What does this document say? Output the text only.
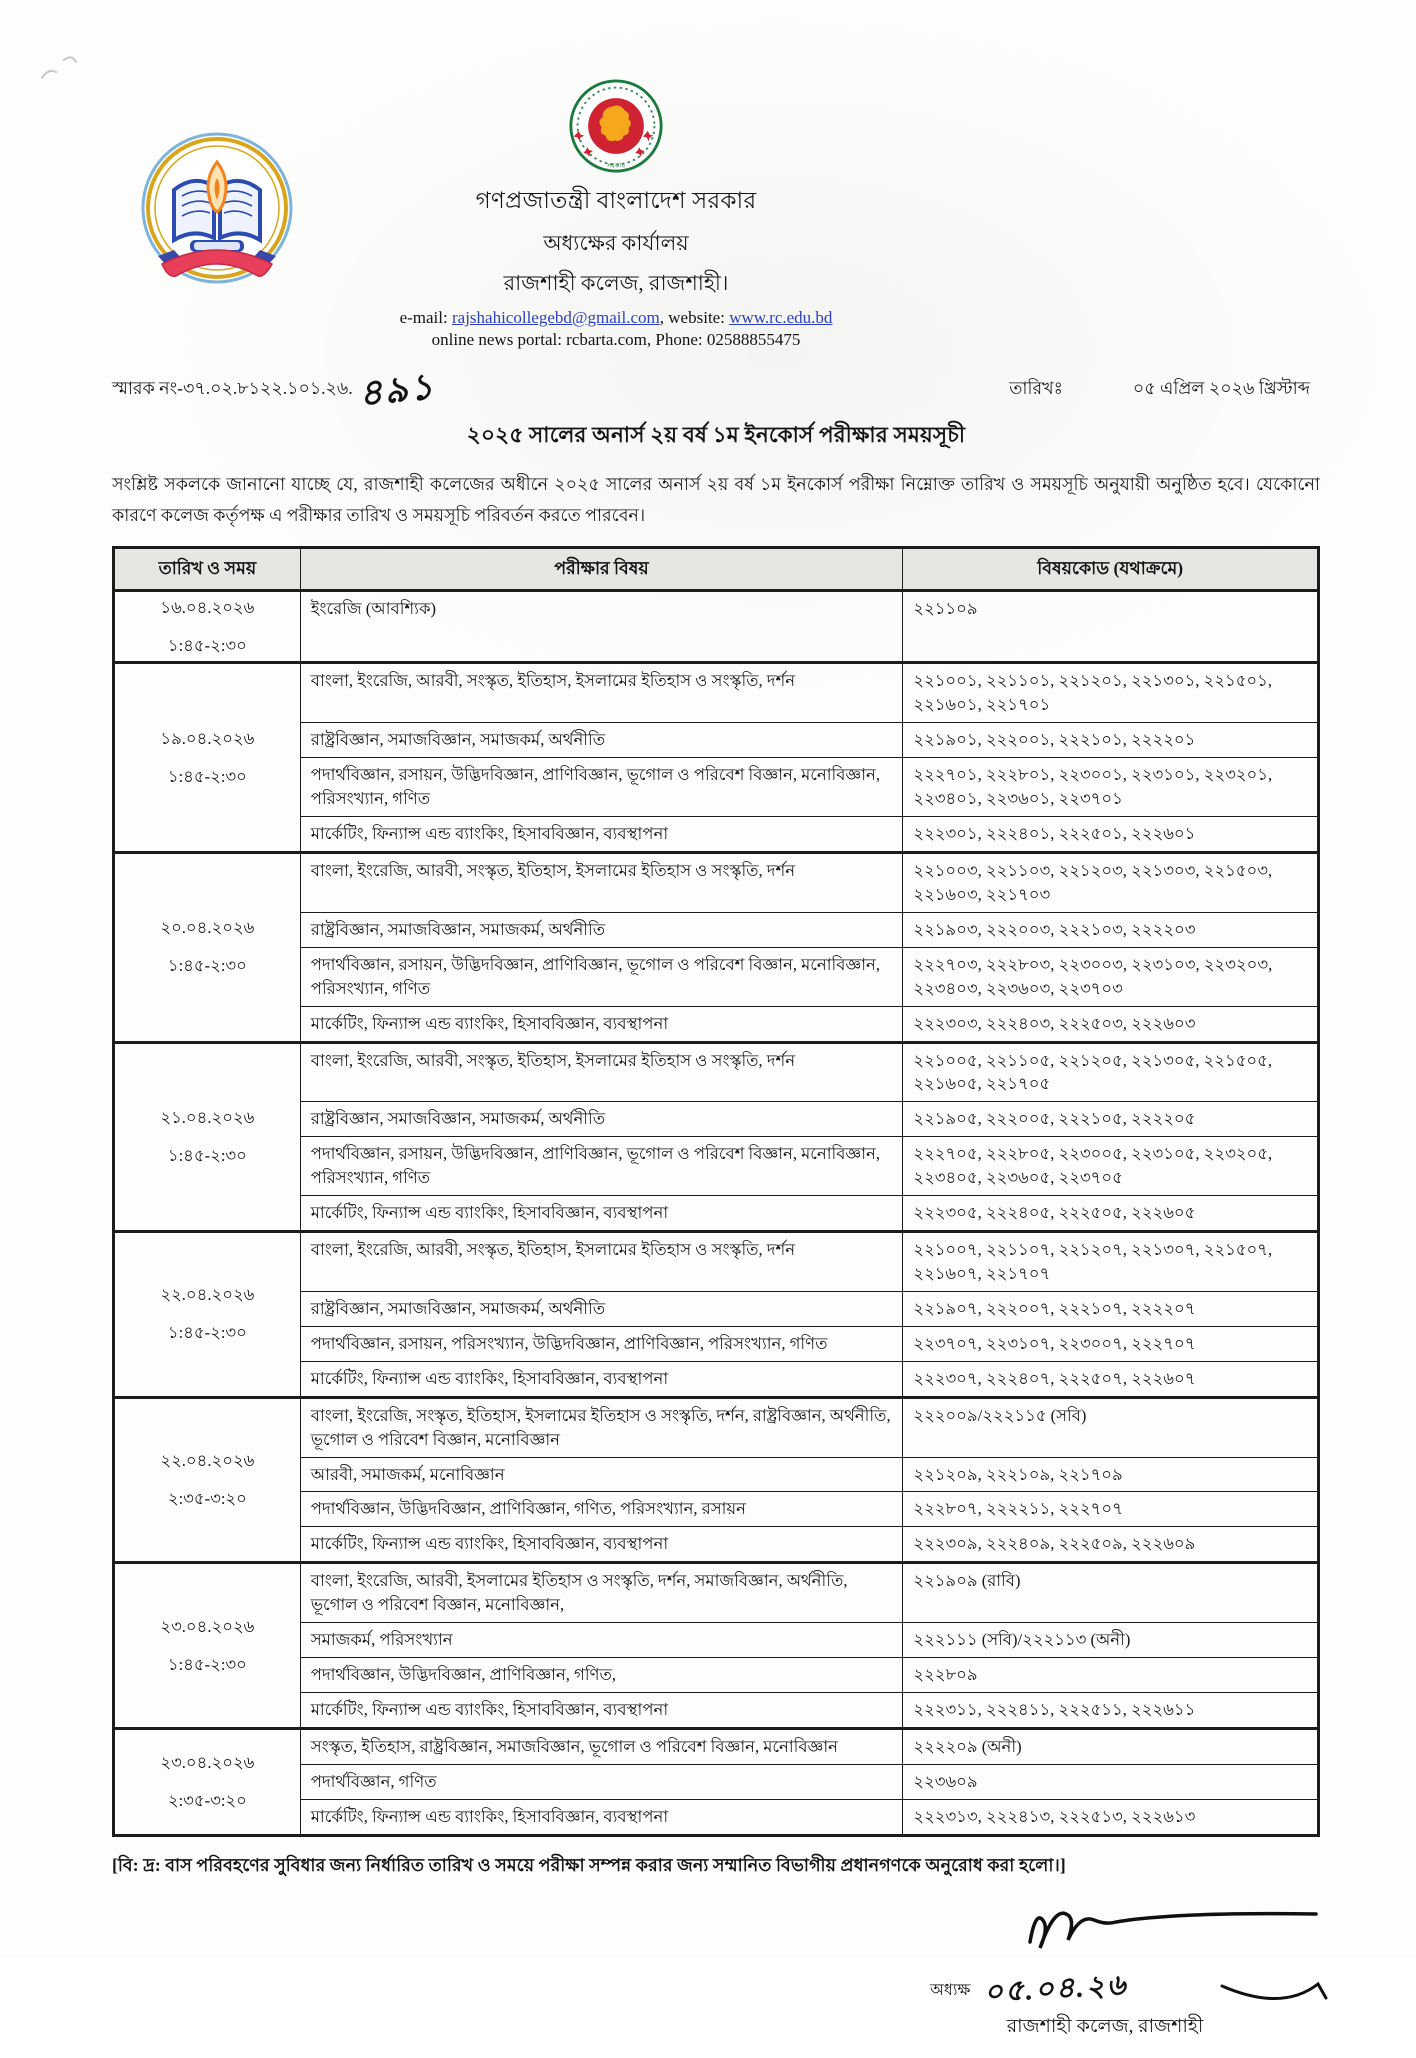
সরকার
গণপ্রজাতন্ত্রী বাংলাদেশ সরকার
অধ্যক্ষের কার্যালয়
রাজশাহী কলেজ, রাজশাহী।
e-mail: rajshahicollegebd@gmail.com, website: www.rc.edu.bd
online news portal: rcbarta.com, Phone: 02588855475
স্মারক নং-৩৭.০২.৮১২২.১০১.২৬. ৪৯১	তারিখঃ	০৫ এপ্রিল ২০২৬ খ্রিস্টাব্দ
২০২৫ সালের অনার্স ২য় বর্ষ ১ম ইনকোর্স পরীক্ষার সময়সূচী

সংশ্লিষ্ট সকলকে জানানো যাচ্ছে যে, রাজশাহী কলেজের অধীনে ২০২৫ সালের অনার্স ২য় বর্ষ ১ম ইনকোর্স পরীক্ষা নিম্নোক্ত তারিখ ও সময়সূচি অনুযায়ী অনুষ্ঠিত হবে। যেকোনো কারণে কলেজ কর্তৃপক্ষ এ পরীক্ষার তারিখ ও সময়সূচি পরিবর্তন করতে পারবেন।

তারিখ ও সময়	পরীক্ষার বিষয়	বিষয়কোড (যথাক্রমে)

১৬.০৪.২০২৬
১:৪৫-২:৩০	ইংরেজি (আবশ্যিক)	২২১১০৯

১৯.০৪.২০২৬
১:৪৫-২:৩০	বাংলা, ইংরেজি, আরবী, সংস্কৃত, ইতিহাস, ইসলামের ইতিহাস ও সংস্কৃতি, দর্শন	২২১০০১, ২২১১০১, ২২১২০১, ২২১৩০১, ২২১৫০১, ২২১৬০১, ২২১৭০১
	রাষ্ট্রবিজ্ঞান, সমাজবিজ্ঞান, সমাজকর্ম, অর্থনীতি	২২১৯০১, ২২২০০১, ২২২১০১, ২২২২০১
	পদার্থবিজ্ঞান, রসায়ন, উদ্ভিদবিজ্ঞান, প্রাণিবিজ্ঞান, ভূগোল ও পরিবেশ বিজ্ঞান, মনোবিজ্ঞান, পরিসংখ্যান, গণিত	২২২৭০১, ২২২৮০১, ২২৩০০১, ২২৩১০১, ২২৩২০১, ২২৩৪০১, ২২৩৬০১, ২২৩৭০১
	মার্কেটিং, ফিন্যান্স এন্ড ব্যাংকিং, হিসাববিজ্ঞান, ব্যবস্থাপনা	২২২৩০১, ২২২৪০১, ২২২৫০১, ২২২৬০১

২০.০৪.২০২৬
১:৪৫-২:৩০	বাংলা, ইংরেজি, আরবী, সংস্কৃত, ইতিহাস, ইসলামের ইতিহাস ও সংস্কৃতি, দর্শন	২২১০০৩, ২২১১০৩, ২২১২০৩, ২২১৩০৩, ২২১৫০৩, ২২১৬০৩, ২২১৭০৩
	রাষ্ট্রবিজ্ঞান, সমাজবিজ্ঞান, সমাজকর্ম, অর্থনীতি	২২১৯০৩, ২২২০০৩, ২২২১০৩, ২২২২০৩
	পদার্থবিজ্ঞান, রসায়ন, উদ্ভিদবিজ্ঞান, প্রাণিবিজ্ঞান, ভূগোল ও পরিবেশ বিজ্ঞান, মনোবিজ্ঞান, পরিসংখ্যান, গণিত	২২২৭০৩, ২২২৮০৩, ২২৩০০৩, ২২৩১০৩, ২২৩২০৩, ২২৩৪০৩, ২২৩৬০৩, ২২৩৭০৩
	মার্কেটিং, ফিন্যান্স এন্ড ব্যাংকিং, হিসাববিজ্ঞান, ব্যবস্থাপনা	২২২৩০৩, ২২২৪০৩, ২২২৫০৩, ২২২৬০৩

২১.০৪.২০২৬
১:৪৫-২:৩০	বাংলা, ইংরেজি, আরবী, সংস্কৃত, ইতিহাস, ইসলামের ইতিহাস ও সংস্কৃতি, দর্শন	২২১০০৫, ২২১১০৫, ২২১২০৫, ২২১৩০৫, ২২১৫০৫, ২২১৬০৫, ২২১৭০৫
	রাষ্ট্রবিজ্ঞান, সমাজবিজ্ঞান, সমাজকর্ম, অর্থনীতি	২২১৯০৫, ২২২০০৫, ২২২১০৫, ২২২২০৫
	পদার্থবিজ্ঞান, রসায়ন, উদ্ভিদবিজ্ঞান, প্রাণিবিজ্ঞান, ভূগোল ও পরিবেশ বিজ্ঞান, মনোবিজ্ঞান, পরিসংখ্যান, গণিত	২২২৭০৫, ২২২৮০৫, ২২৩০০৫, ২২৩১০৫, ২২৩২০৫, ২২৩৪০৫, ২২৩৬০৫, ২২৩৭০৫
	মার্কেটিং, ফিন্যান্স এন্ড ব্যাংকিং, হিসাববিজ্ঞান, ব্যবস্থাপনা	২২২৩০৫, ২২২৪০৫, ২২২৫০৫, ২২২৬০৫

২২.০৪.২০২৬
১:৪৫-২:৩০	বাংলা, ইংরেজি, আরবী, সংস্কৃত, ইতিহাস, ইসলামের ইতিহাস ও সংস্কৃতি, দর্শন	২২১০০৭, ২২১১০৭, ২২১২০৭, ২২১৩০৭, ২২১৫০৭, ২২১৬০৭, ২২১৭০৭
	রাষ্ট্রবিজ্ঞান, সমাজবিজ্ঞান, সমাজকর্ম, অর্থনীতি	২২১৯০৭, ২২২০০৭, ২২২১০৭, ২২২২০৭
	পদার্থবিজ্ঞান, রসায়ন, পরিসংখ্যান, উদ্ভিদবিজ্ঞান, প্রাণিবিজ্ঞান, পরিসংখ্যান, গণিত	২২৩৭০৭, ২২৩১০৭, ২২৩০০৭, ২২২৭০৭
	মার্কেটিং, ফিন্যান্স এন্ড ব্যাংকিং, হিসাববিজ্ঞান, ব্যবস্থাপনা	২২২৩০৭, ২২২৪০৭, ২২২৫০৭, ২২২৬০৭

২২.০৪.২০২৬
২:৩৫-৩:২০	বাংলা, ইংরেজি, সংস্কৃত, ইতিহাস, ইসলামের ইতিহাস ও সংস্কৃতি, দর্শন, রাষ্ট্রবিজ্ঞান, অর্থনীতি, ভূগোল ও পরিবেশ বিজ্ঞান, মনোবিজ্ঞান	২২২০০৯/২২২১১৫ (সবি)
	আরবী, সমাজকর্ম, মনোবিজ্ঞান	২২১২০৯, ২২২১০৯, ২২১৭০৯
	পদার্থবিজ্ঞান, উদ্ভিদবিজ্ঞান, প্রাণিবিজ্ঞান, গণিত, পরিসংখ্যান, রসায়ন	২২২৮০৭, ২২২২১১, ২২২৭০৭
	মার্কেটিং, ফিন্যান্স এন্ড ব্যাংকিং, হিসাববিজ্ঞান, ব্যবস্থাপনা	২২২৩০৯, ২২২৪০৯, ২২২৫০৯, ২২২৬০৯

২৩.০৪.২০২৬
১:৪৫-২:৩০	বাংলা, ইংরেজি, আরবী, ইসলামের ইতিহাস ও সংস্কৃতি, দর্শন, সমাজবিজ্ঞান, অর্থনীতি, ভূগোল ও পরিবেশ বিজ্ঞান, মনোবিজ্ঞান,	২২১৯০৯ (রাবি)
	সমাজকর্ম, পরিসংখ্যান	২২২১১১ (সবি)/২২২১১৩ (অনী)
	পদার্থবিজ্ঞান, উদ্ভিদবিজ্ঞান, প্রাণিবিজ্ঞান, গণিত,	২২২৮০৯
	মার্কেটিং, ফিন্যান্স এন্ড ব্যাংকিং, হিসাববিজ্ঞান, ব্যবস্থাপনা	২২২৩১১, ২২২৪১১, ২২২৫১১, ২২২৬১১

২৩.০৪.২০২৬
২:৩৫-৩:২০	সংস্কৃত, ইতিহাস, রাষ্ট্রবিজ্ঞান, সমাজবিজ্ঞান, ভূগোল ও পরিবেশ বিজ্ঞান, মনোবিজ্ঞান	২২২২০৯ (অনী)
	পদার্থবিজ্ঞান, গণিত	২২৩৬০৯
	মার্কেটিং, ফিন্যান্স এন্ড ব্যাংকিং, হিসাববিজ্ঞান, ব্যবস্থাপনা	২২২৩১৩, ২২২৪১৩, ২২২৫১৩, ২২২৬১৩
[বি: দ্র: বাস পরিবহণের সুবিধার জন্য নির্ধারিত তারিখ ও সময়ে পরীক্ষা সম্পন্ন করার জন্য সম্মানিত বিভাগীয় প্রধানগণকে অনুরোধ করা হলো।]
অধ্যক্ষ ০৫.০৪.২৬
রাজশাহী কলেজ, রাজশাহী
